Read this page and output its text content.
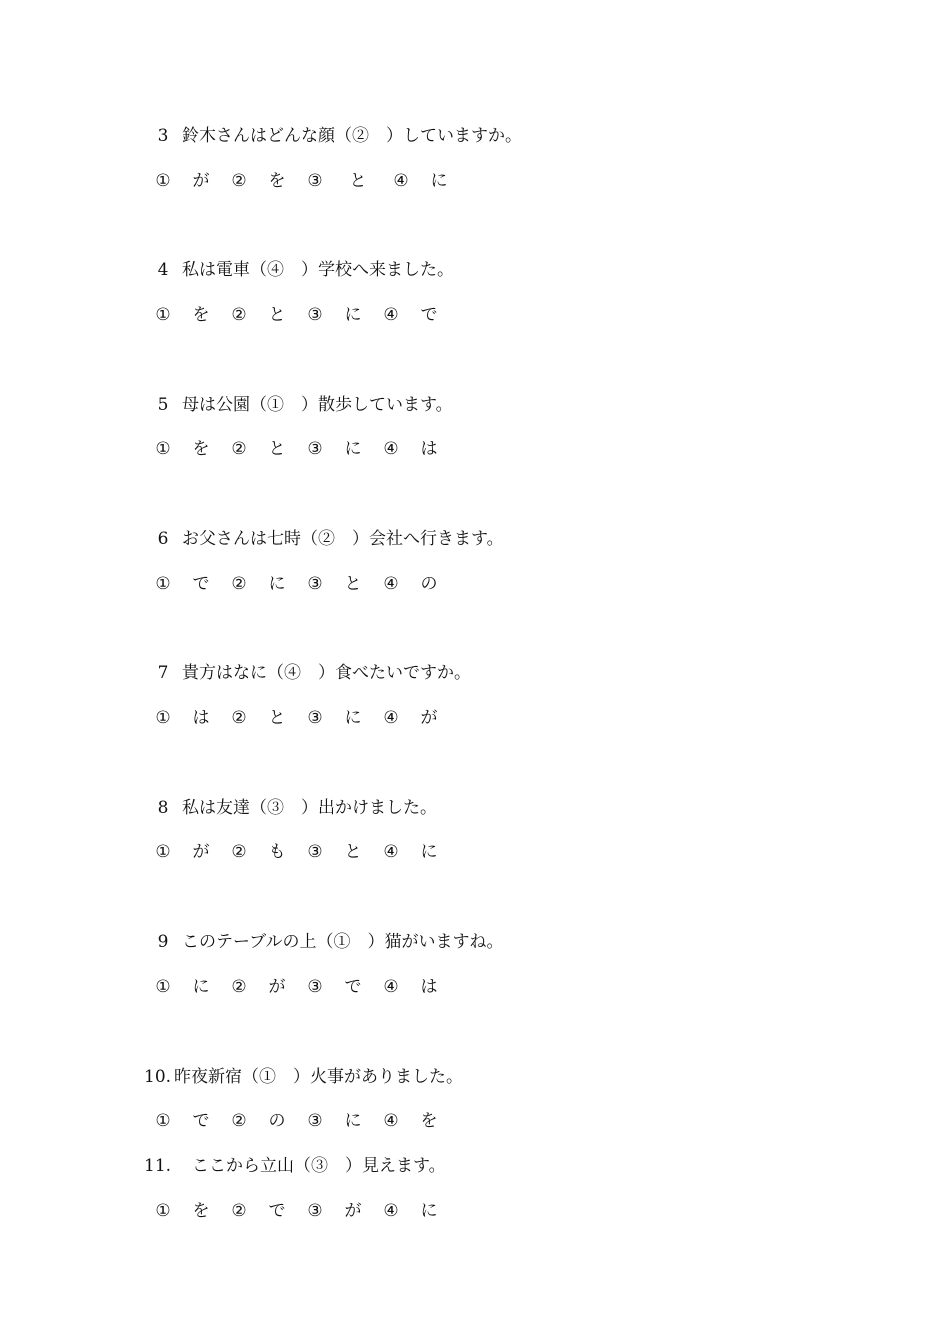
3 鈴木さんはどんな顔（②　）していますか。
① が ② を ③ と ④ に
4 私は電車（④　）学校へ来ました。
① を ② と ③ に ④ で
5 母は公園（①　）散歩しています。
① を ② と ③ に ④ は
6 お父さんは七時（②　）会社へ行きます。
① で ② に ③ と ④ の
7 貴方はなに（④　）食べたいですか。
① は ② と ③ に ④ が
8 私は友達（③　）出かけました。
① が ② も ③ と ④ に
9 このテーブルの上（①　）猫がいますね。
① に ② が ③ で ④ は
10. 昨夜新宿（①　）火事がありました。
① で ② の ③ に ④ を
11. ここから立山（③　）見えます。
① を ② で ③ が ④ に
